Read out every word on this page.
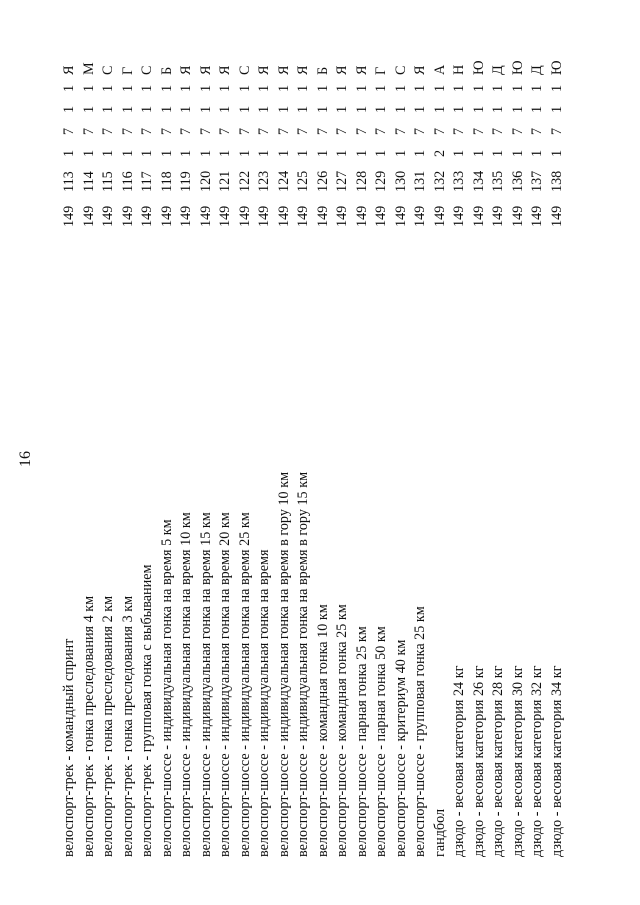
16
велоспорт-трек - командный спринт
149
113
1
7
1
1
Я
велоспорт-трек - гонка преследования 4 км
149
114
1
7
1
1
М
велоспорт-трек - гонка преследования 2 км
149
115
1
7
1
1
С
велоспорт-трек - гонка преследования 3 км
149
116
1
7
1
1
Г
велоспорт-трек - групповая гонка с выбыванием
149
117
1
7
1
1
С
велоспорт-шоссе - индивидуальная гонка на время 5 км
149
118
1
7
1
1
Б
велоспорт-шоссе - индивидуальная гонка на время 10 км
149
119
1
7
1
1
Я
велоспорт-шоссе - индивидуальная гонка на время 15 км
149
120
1
7
1
1
Я
велоспорт-шоссе - индивидуальная гонка на время 20 км
149
121
1
7
1
1
Я
велоспорт-шоссе - индивидуальная гонка на время 25 км
149
122
1
7
1
1
С
велоспорт-шоссе - индивидуальная гонка на время
149
123
1
7
1
1
Я
велоспорт-шоссе - индивидуальная гонка на время в гору 10 км
149
124
1
7
1
1
Я
велоспорт-шоссе - индивидуальная гонка на время в гору 15 км
149
125
1
7
1
1
Я
велоспорт-шоссе - командная гонка 10 км
149
126
1
7
1
1
Б
велоспорт-шоссе - командная гонка 25 км
149
127
1
7
1
1
Я
велоспорт-шоссе - парная гонка 25 км
149
128
1
7
1
1
Я
велоспорт-шоссе - парная гонка 50 км
149
129
1
7
1
1
Г
велоспорт-шоссе - критериум 40 км
149
130
1
7
1
1
С
велоспорт-шоссе - групповая гонка 25 км
149
131
1
7
1
1
Я
гандбол
149
132
2
7
1
1
А
дзюдо - весовая категория 24 кг
149
133
1
7
1
1
Н
дзюдо - весовая категория 26 кг
149
134
1
7
1
1
Ю
дзюдо - весовая категория 28 кг
149
135
1
7
1
1
Д
дзюдо - весовая категория 30 кг
149
136
1
7
1
1
Ю
дзюдо - весовая категория 32 кг
149
137
1
7
1
1
Д
дзюдо - весовая категория 34 кг
149
138
1
7
1
1
Ю
